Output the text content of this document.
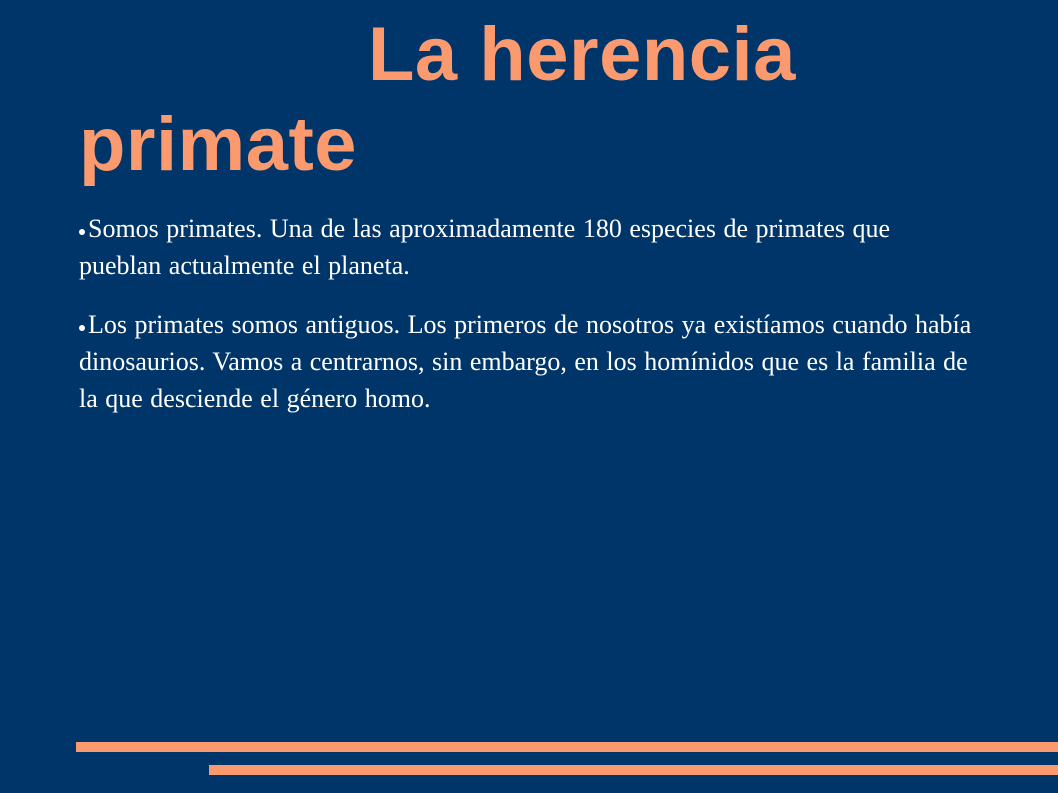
La herencia primate
Somos primates. Una de las aproximadamente 180 especies de primates que pueblan actualmente el planeta.
Los primates somos antiguos. Los primeros de nosotros ya existíamos cuando había dinosaurios. Vamos a centrarnos, sin embargo, en los homínidos que es la familia de la que desciende el género homo.
